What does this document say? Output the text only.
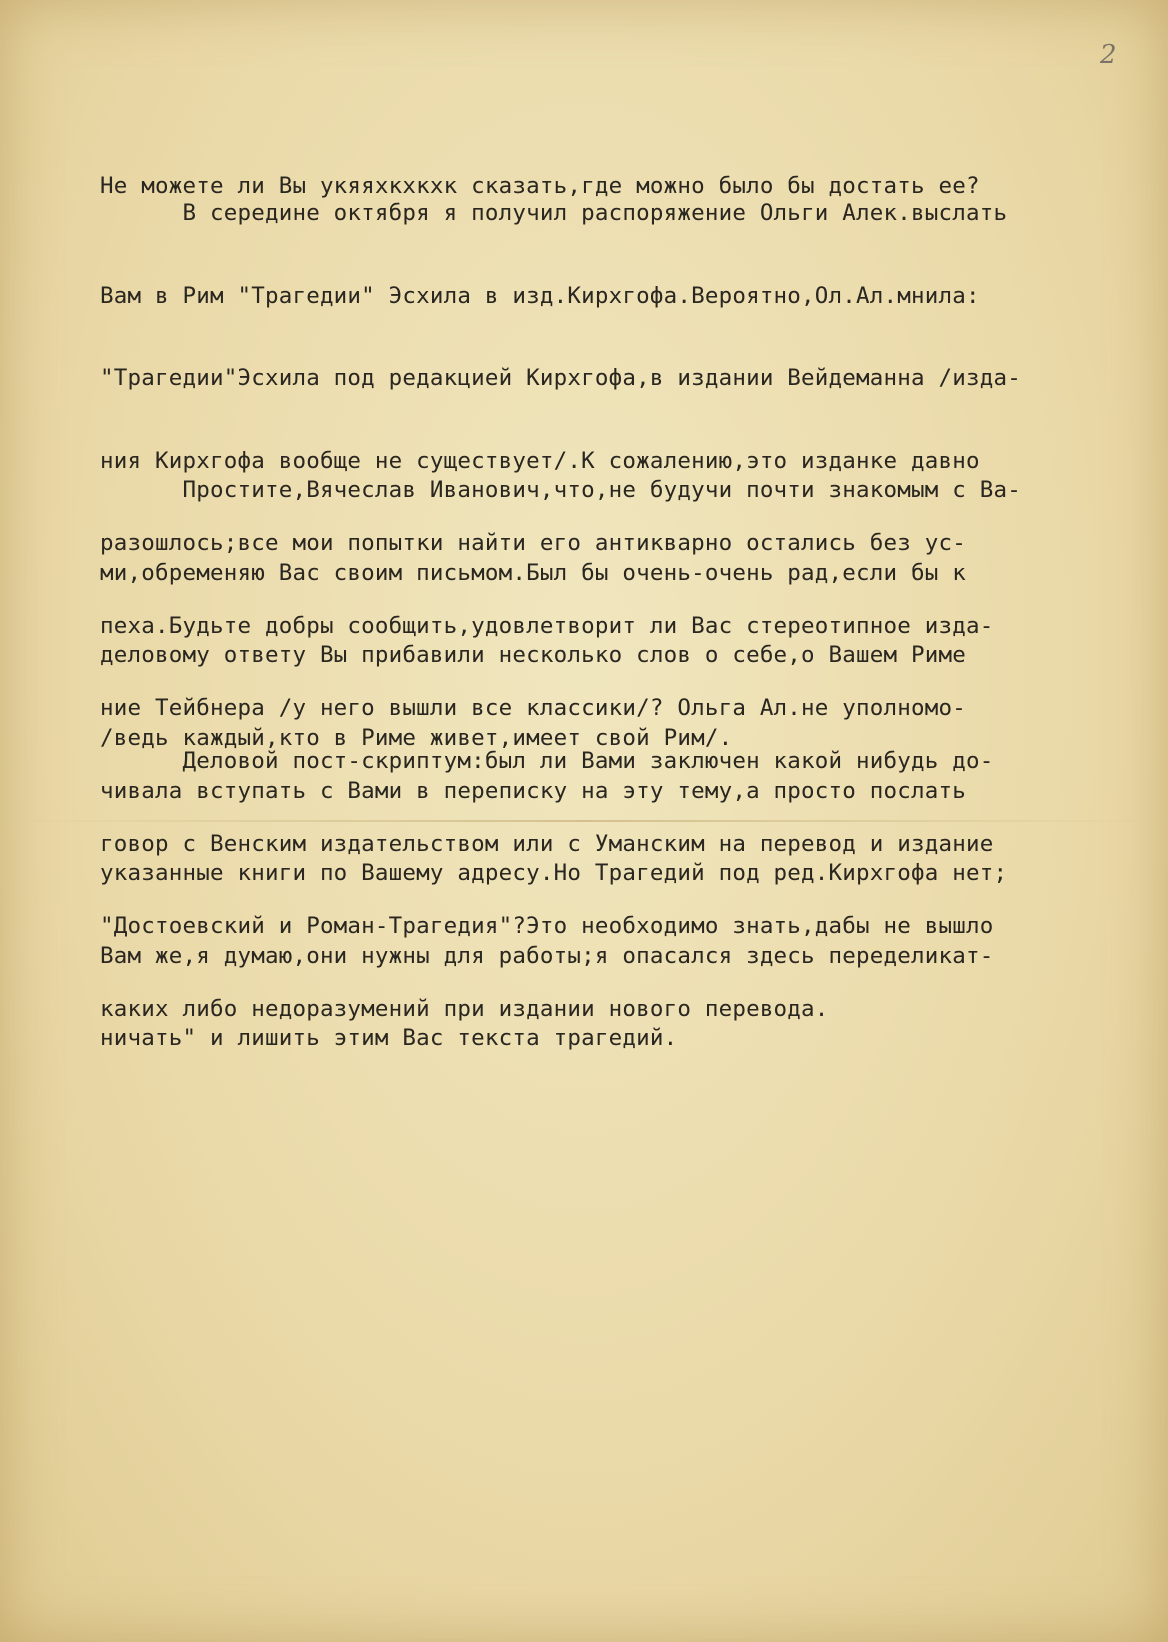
2

Не можете ли Вы укяяхкхкхк сказать,где можно было бы достать ее?

В середине октября я получил распоряжение Ольги Алек.выслать

Вам в Рим "Трагедии" Эсхила в изд.Кирхгофа.Вероятно,Ол.Ал.мнила:

"Трагедии"Эсхила под редакцией Кирхгофа,в издании Вейдеманна /изда-

ния Кирхгофа вообще не существует/.К сожалению,это изданке давно

разошлось;все мои попытки найти его антикварно остались без ус-

пеха.Будьте добры сообщить,удовлетворит ли Вас стереотипное изда-

ние Тейбнера /у него вышли все классики/? Ольга Ал.не уполномо-

чивала вступать с Вами в переписку на эту тему,а просто послать

указанные книги по Вашему адресу.Но Трагедий под ред.Кирхгофа нет;

Вам же,я думаю,они нужны для работы;я опасался здесь переделикат-

ничать" и лишить этим Вас текста трагедий.

Простите,Вячеслав Иванович,что,не будучи почти знакомым с Ва-

ми,обременяю Вас своим письмом.Был бы очень-очень рад,если бы к

деловому ответу Вы прибавили несколько слов о себе,о Вашем Риме

/ведь каждый,кто в Риме живет,имеет свой Рим/.

Деловой пост-скриптум:был ли Вами заключен какой нибудь до-

говор с Венским издательством или с Уманским на перевод и издание

"Достоевский и Роман-Трагедия"?Это необходимо знать,дабы не вышло

каких либо недоразумений при издании нового перевода.
